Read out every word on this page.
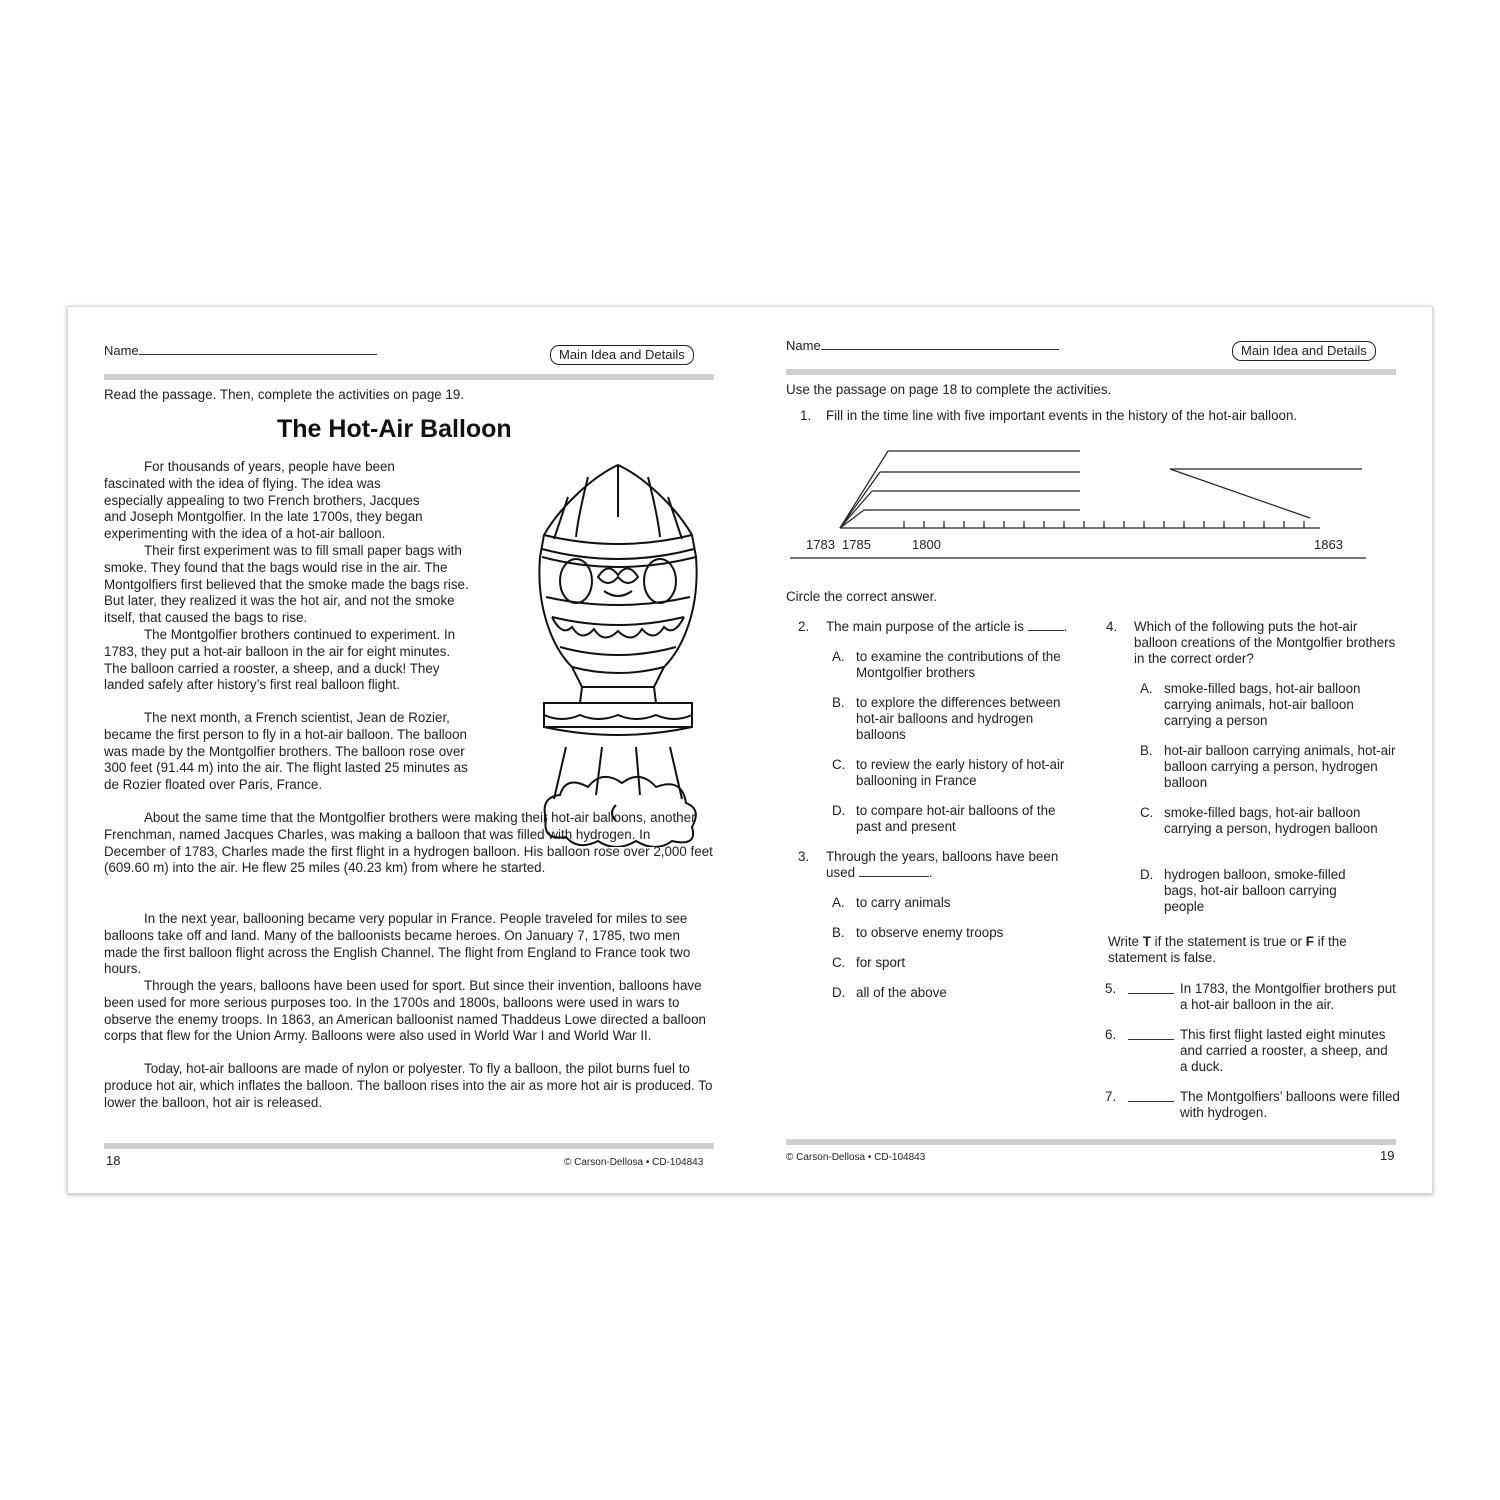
Name	Main Idea and Details
Read the passage. Then, complete the activities on page 19.
The Hot-Air Balloon

For thousands of years, people have been fascinated with the idea of flying. The idea was especially appealing to two French brothers, Jacques and Joseph Montgolfier. In the late 1700s, they began experimenting with the idea of a hot-air balloon.

Their first experiment was to fill small paper bags with smoke. They found that the bags would rise in the air. The Montgolfiers first believed that the smoke made the bags rise. But later, they realized it was the hot air, and not the smoke itself, that caused the bags to rise.

The Montgolfier brothers continued to experiment. In 1783, they put a hot-air balloon in the air for eight minutes. The balloon carried a rooster, a sheep, and a duck! They landed safely after history’s first real balloon flight.

The next month, a French scientist, Jean de Rozier, became the first person to fly in a hot-air balloon. The balloon was made by the Montgolfier brothers. The balloon rose over 300 feet (91.44 m) into the air. The flight lasted 25 minutes as de Rozier floated over Paris, France.

About the same time that the Montgolfier brothers were making their hot-air balloons, another Frenchman, named Jacques Charles, was making a balloon that was filled with hydrogen. In December of 1783, Charles made the first flight in a hydrogen balloon. His balloon rose over 2,000 feet (609.60 m) into the air. He flew 25 miles (40.23 km) from where he started.

In the next year, ballooning became very popular in France. People traveled for miles to see balloons take off and land. Many of the balloonists became heroes. On January 7, 1785, two men made the first balloon flight across the English Channel. The flight from England to France took two hours.

Through the years, balloons have been used for sport. But since their invention, balloons have been used for more serious purposes too. In the 1700s and 1800s, balloons were used in wars to observe the enemy troops. In 1863, an American balloonist named Thaddeus Lowe directed a balloon corps that flew for the Union Army. Balloons were also used in World War I and World War II.

Today, hot-air balloons are made of nylon or polyester. To fly a balloon, the pilot burns fuel to produce hot air, which inflates the balloon. The balloon rises into the air as more hot air is produced. To lower the balloon, hot air is released.

18	© Carson-Dellosa • CD-104843
Name	Main Idea and Details
Use the passage on page 18 to complete the activities.
1. Fill in the time line with five important events in the history of the hot-air balloon.
1783 1785	1800	1863
Circle the correct answer.
2. The main purpose of the article is	.
A. to examine the contributions of the Montgolfier brothers
B. to explore the differences between hot-air balloons and hydrogen balloons
C. to review the early history of hot-air ballooning in France
D. to compare hot-air balloons of the past and present
3. Through the years, balloons have been used	.
A. to carry animals
B. to observe enemy troops
C. for sport
D. all of the above
4. Which of the following puts the hot-air balloon creations of the Montgolfier brothers in the correct order?
A. smoke-filled bags, hot-air balloon carrying animals, hot-air balloon carrying a person
B. hot-air balloon carrying animals, hot-air balloon carrying a person, hydrogen balloon
C. smoke-filled bags, hot-air balloon carrying a person, hydrogen balloon
D. hydrogen balloon, smoke-filled bags, hot-air balloon carrying people
Write T if the statement is true or F if the statement is false.
5.	In 1783, the Montgolfier brothers put a hot-air balloon in the air.
6.	This first flight lasted eight minutes and carried a rooster, a sheep, and a duck.
7.	The Montgolfiers’ balloons were filled with hydrogen.
© Carson-Dellosa • CD-104843	19
